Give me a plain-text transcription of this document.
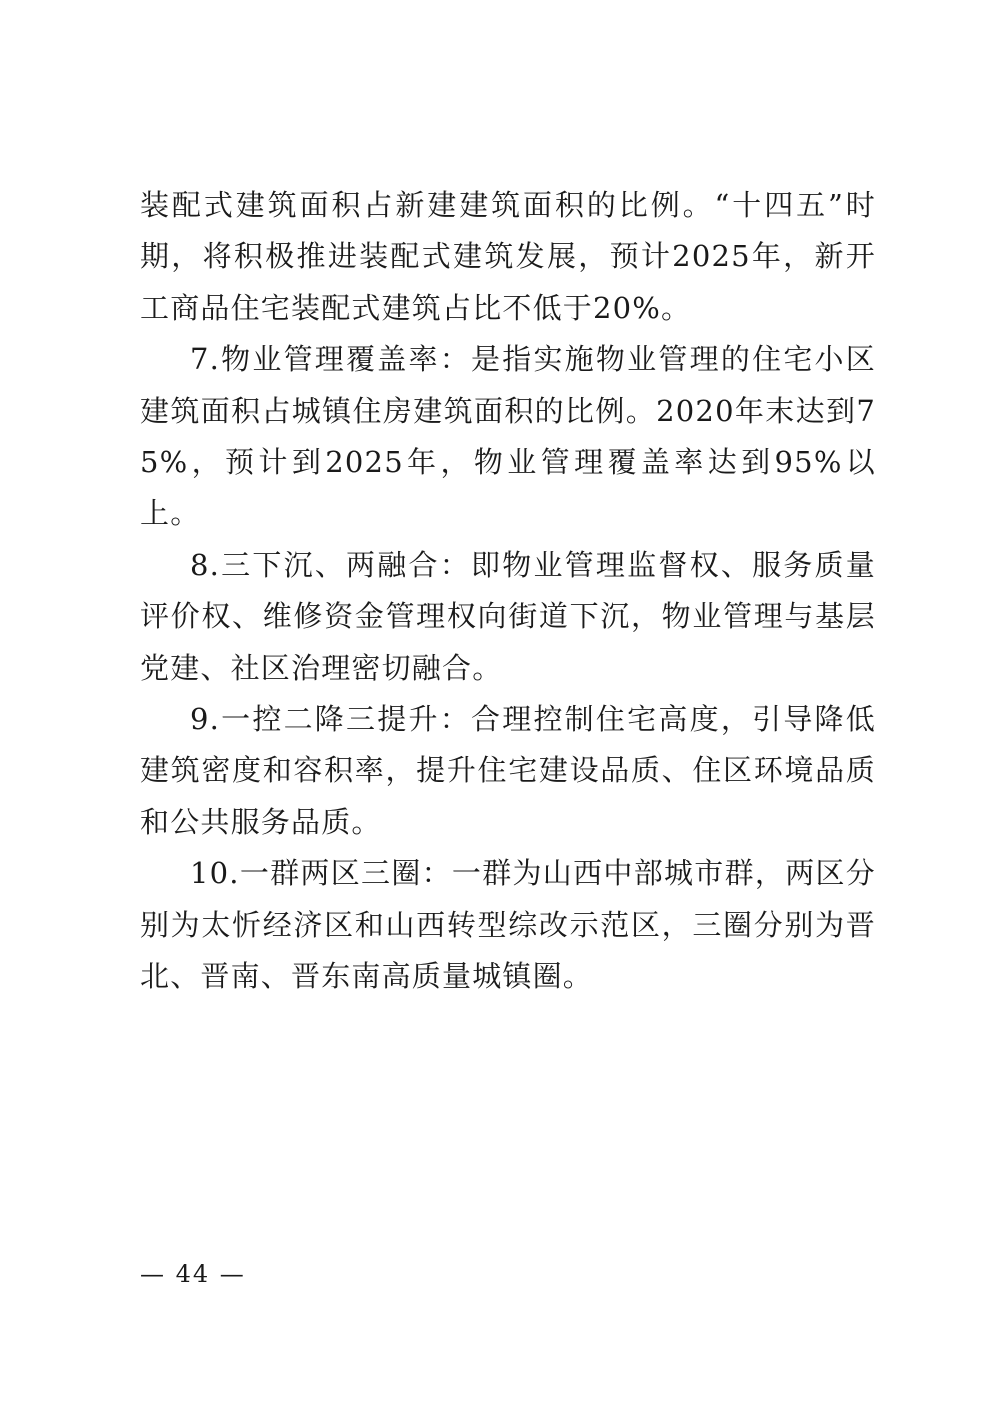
装配式建筑面积占新建建筑面积的比例。“十四五”时期，将积极推进装配式建筑发展，预计2025年，新开工商品住宅装配式建筑占比不低于20%。

7.物业管理覆盖率：是指实施物业管理的住宅小区建筑面积占城镇住房建筑面积的比例。2020年末达到75%，预计到2025年，物业管理覆盖率达到95%以上。

8.三下沉、两融合：即物业管理监督权、服务质量评价权、维修资金管理权向街道下沉，物业管理与基层党建、社区治理密切融合。

9.一控二降三提升：合理控制住宅高度，引导降低建筑密度和容积率，提升住宅建设品质、住区环境品质和公共服务品质。

10.一群两区三圈：一群为山西中部城市群，两区分别为太忻经济区和山西转型综改示范区，三圈分别为晋北、晋南、晋东南高质量城镇圈。

— 44 —
